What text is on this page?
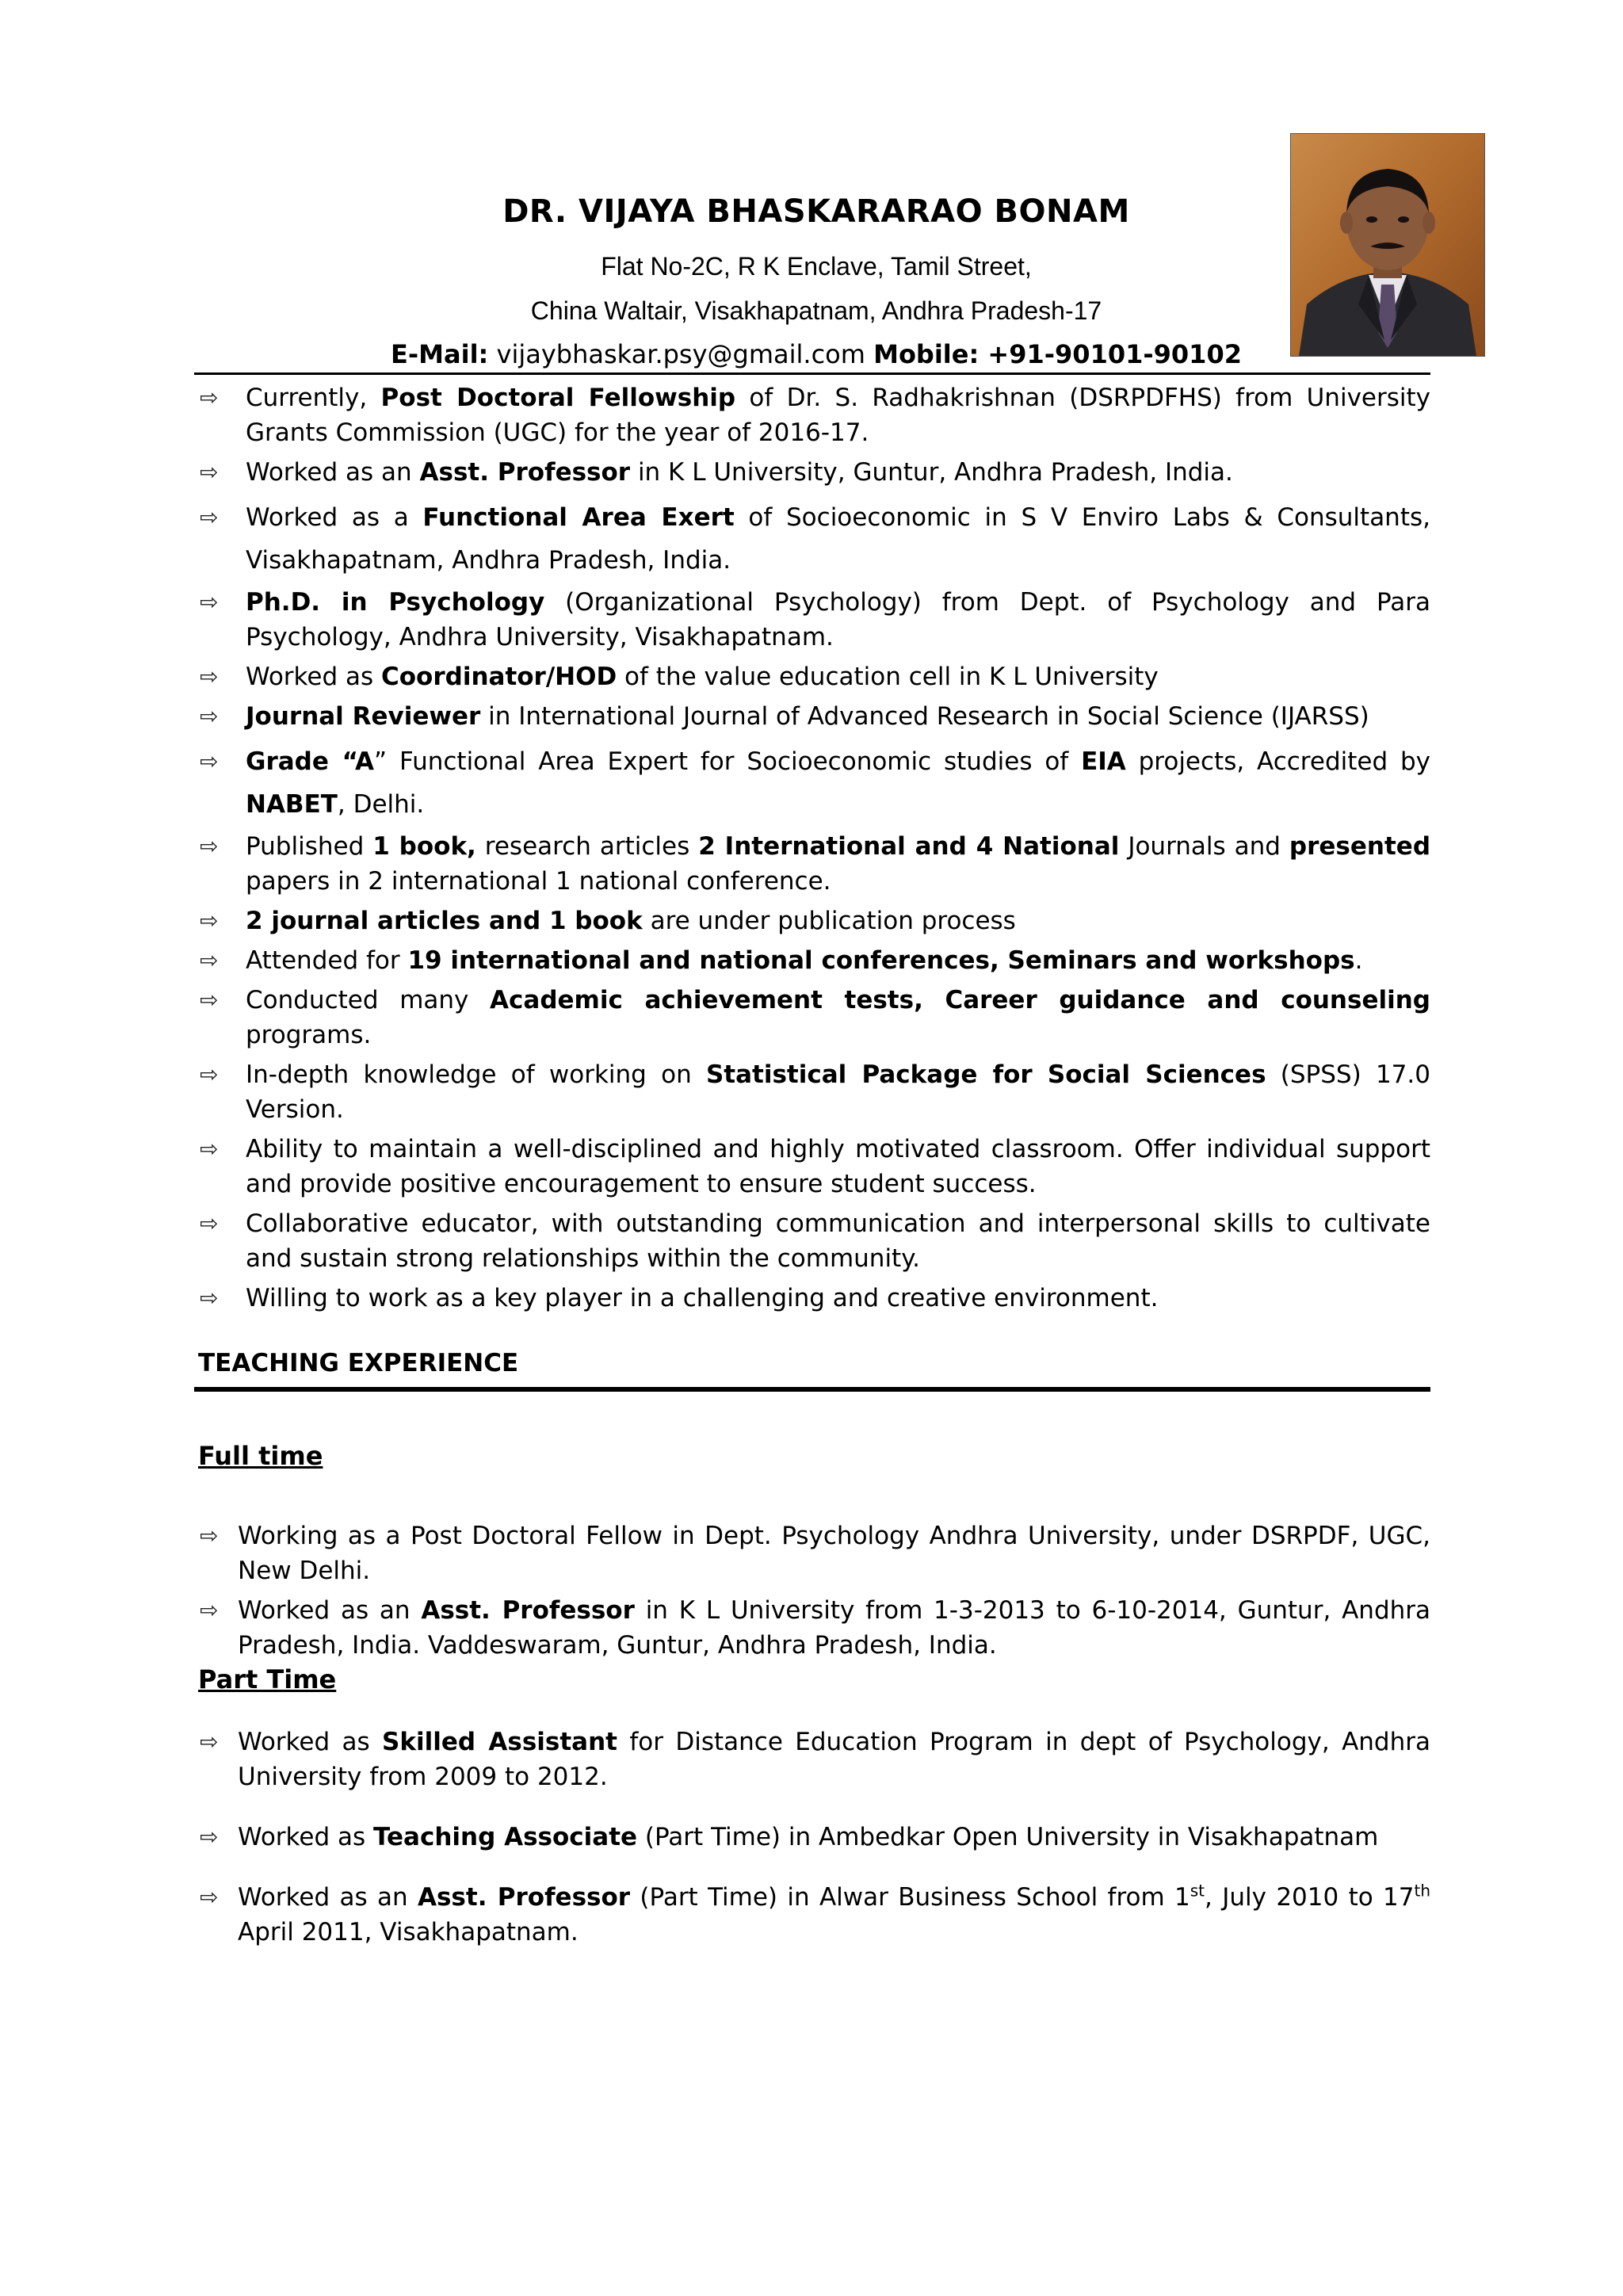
DR. VIJAYA BHASKARARAO BONAM
Flat No-2C, R K Enclave, Tamil Street,
China Waltair, Visakhapatnam, Andhra Pradesh-17
E-Mail: vijaybhaskar.psy@gmail.com Mobile: +91-90101-90102
⇨ Currently, Post Doctoral Fellowship of Dr. S. Radhakrishnan (DSRPDFHS) from University Grants Commission (UGC) for the year of 2016-17.
⇨ Worked as an Asst. Professor in K L University, Guntur, Andhra Pradesh, India.
⇨ Worked as a Functional Area Exert of Socioeconomic in S V Enviro Labs & Consultants, Visakhapatnam, Andhra Pradesh, India.
⇨ Ph.D. in Psychology (Organizational Psychology) from Dept. of Psychology and Para Psychology, Andhra University, Visakhapatnam.
⇨ Worked as Coordinator/HOD of the value education cell in K L University
⇨ Journal Reviewer in International Journal of Advanced Research in Social Science (IJARSS)
⇨ Grade “A” Functional Area Expert for Socioeconomic studies of EIA projects, Accredited by NABET, Delhi.
⇨ Published 1 book, research articles 2 International and 4 National Journals and presented papers in 2 international 1 national conference.
⇨ 2 journal articles and 1 book are under publication process
⇨ Attended for 19 international and national conferences, Seminars and workshops.
⇨ Conducted many Academic achievement tests, Career guidance and counseling programs.
⇨ In-depth knowledge of working on Statistical Package for Social Sciences (SPSS) 17.0 Version.
⇨ Ability to maintain a well-disciplined and highly motivated classroom. Offer individual support and provide positive encouragement to ensure student success.
⇨ Collaborative educator, with outstanding communication and interpersonal skills to cultivate and sustain strong relationships within the community.
⇨ Willing to work as a key player in a challenging and creative environment.
TEACHING EXPERIENCE
Full time
⇨ Working as a Post Doctoral Fellow in Dept. Psychology Andhra University, under DSRPDF, UGC, New Delhi.
⇨ Worked as an Asst. Professor in K L University from 1-3-2013 to 6-10-2014, Guntur, Andhra Pradesh, India. Vaddeswaram, Guntur, Andhra Pradesh, India.
Part Time
⇨ Worked as Skilled Assistant for Distance Education Program in dept of Psychology, Andhra University from 2009 to 2012.
⇨ Worked as Teaching Associate (Part Time) in Ambedkar Open University in Visakhapatnam
⇨ Worked as an Asst. Professor (Part Time) in Alwar Business School from 1st, July 2010 to 17th April 2011, Visakhapatnam.
